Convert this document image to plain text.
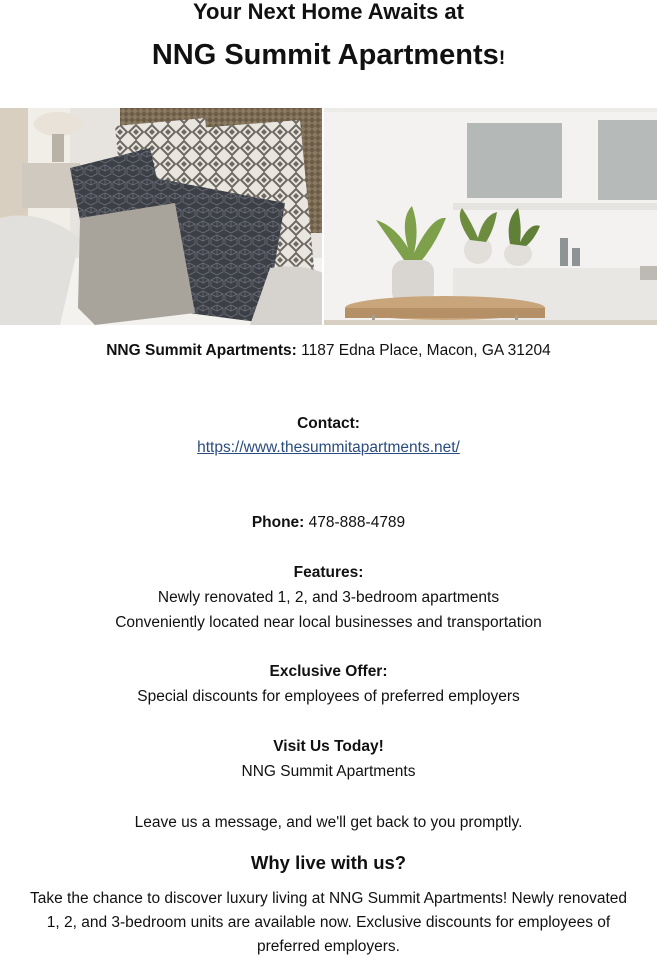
Your Next Home Awaits at
NNG Summit Apartments!
NNG Summit Apartments: 1187 Edna Place, Macon, GA 31204
Contact:
https://www.thesummitapartments.net/
Phone: 478-888-4789
Features:
Newly renovated 1, 2, and 3-bedroom apartments
Conveniently located near local businesses and transportation
Exclusive Offer:
Special discounts for employees of preferred employers
Visit Us Today!
NNG Summit Apartments
Leave us a message, and we'll get back to you promptly.
Why live with us?
Take the chance to discover luxury living at NNG Summit Apartments! Newly renovated 1, 2, and 3-bedroom units are available now. Exclusive discounts for employees of preferred employers.
